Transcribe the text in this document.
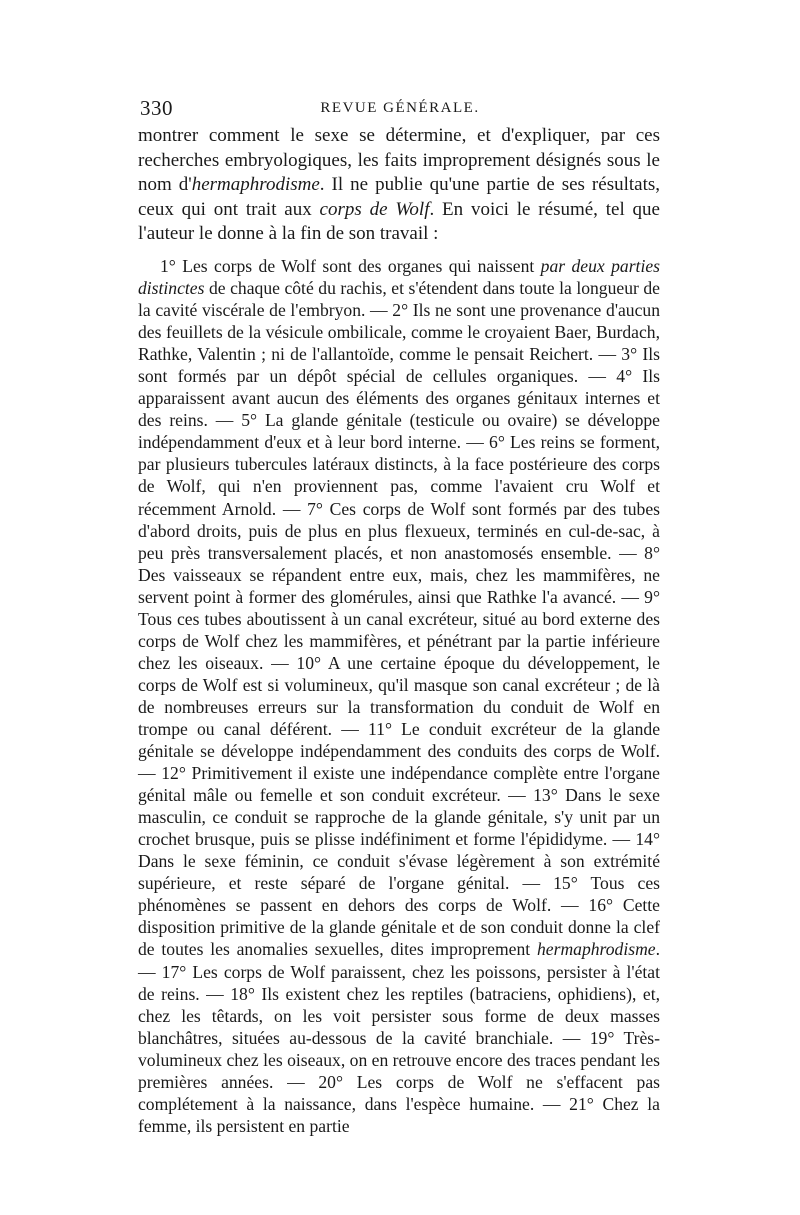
330	REVUE GÉNÉRALE.

montrer comment le sexe se détermine, et d'expliquer, par ces recherches embryologiques, les faits improprement désignés sous le nom d'hermaphrodisme. Il ne publie qu'une partie de ses résultats, ceux qui ont trait aux corps de Wolf. En voici le résumé, tel que l'auteur le donne à la fin de son travail :

1° Les corps de Wolf sont des organes qui naissent par deux parties distinctes de chaque côté du rachis, et s'étendent dans toute la longueur de la cavité viscérale de l'embryon. — 2° Ils ne sont une provenance d'aucun des feuillets de la vésicule ombilicale, comme le croyaient Baer, Burdach, Rathke, Valentin ; ni de l'allantoïde, comme le pensait Reichert. — 3° Ils sont formés par un dépôt spécial de cellules organiques. — 4° Ils apparaissent avant aucun des éléments des organes génitaux internes et des reins. — 5° La glande génitale (testicule ou ovaire) se développe indépendamment d'eux et à leur bord interne. — 6° Les reins se forment, par plusieurs tubercules latéraux distincts, à la face postérieure des corps de Wolf, qui n'en proviennent pas, comme l'avaient cru Wolf et récemment Arnold. — 7° Ces corps de Wolf sont formés par des tubes d'abord droits, puis de plus en plus flexueux, terminés en cul-de-sac, à peu près transversalement placés, et non anastomosés ensemble. — 8° Des vaisseaux se répandent entre eux, mais, chez les mammifères, ne servent point à former des glomérules, ainsi que Rathke l'a avancé. — 9° Tous ces tubes aboutissent à un canal excréteur, situé au bord externe des corps de Wolf chez les mammifères, et pénétrant par la partie inférieure chez les oiseaux. — 10° A une certaine époque du développement, le corps de Wolf est si volumineux, qu'il masque son canal excréteur ; de là de nombreuses erreurs sur la transformation du conduit de Wolf en trompe ou canal déférent. — 11° Le conduit excréteur de la glande génitale se développe indépendamment des conduits des corps de Wolf. — 12° Primitivement il existe une indépendance complète entre l'organe génital mâle ou femelle et son conduit excréteur. — 13° Dans le sexe masculin, ce conduit se rapproche de la glande génitale, s'y unit par un crochet brusque, puis se plisse indéfiniment et forme l'épididyme. — 14° Dans le sexe féminin, ce conduit s'évase légèrement à son extrémité supérieure, et reste séparé de l'organe génital. — 15° Tous ces phénomènes se passent en dehors des corps de Wolf. — 16° Cette disposition primitive de la glande génitale et de son conduit donne la clef de toutes les anomalies sexuelles, dites improprement hermaphrodisme. — 17° Les corps de Wolf paraissent, chez les poissons, persister à l'état de reins. — 18° Ils existent chez les reptiles (batraciens, ophidiens), et, chez les têtards, on les voit persister sous forme de deux masses blanchâtres, situées au-dessous de la cavité branchiale. — 19° Très-volumineux chez les oiseaux, on en retrouve encore des traces pendant les premières années. — 20° Les corps de Wolf ne s'effacent pas complétement à la naissance, dans l'espèce humaine. — 21° Chez la femme, ils persistent en partie
